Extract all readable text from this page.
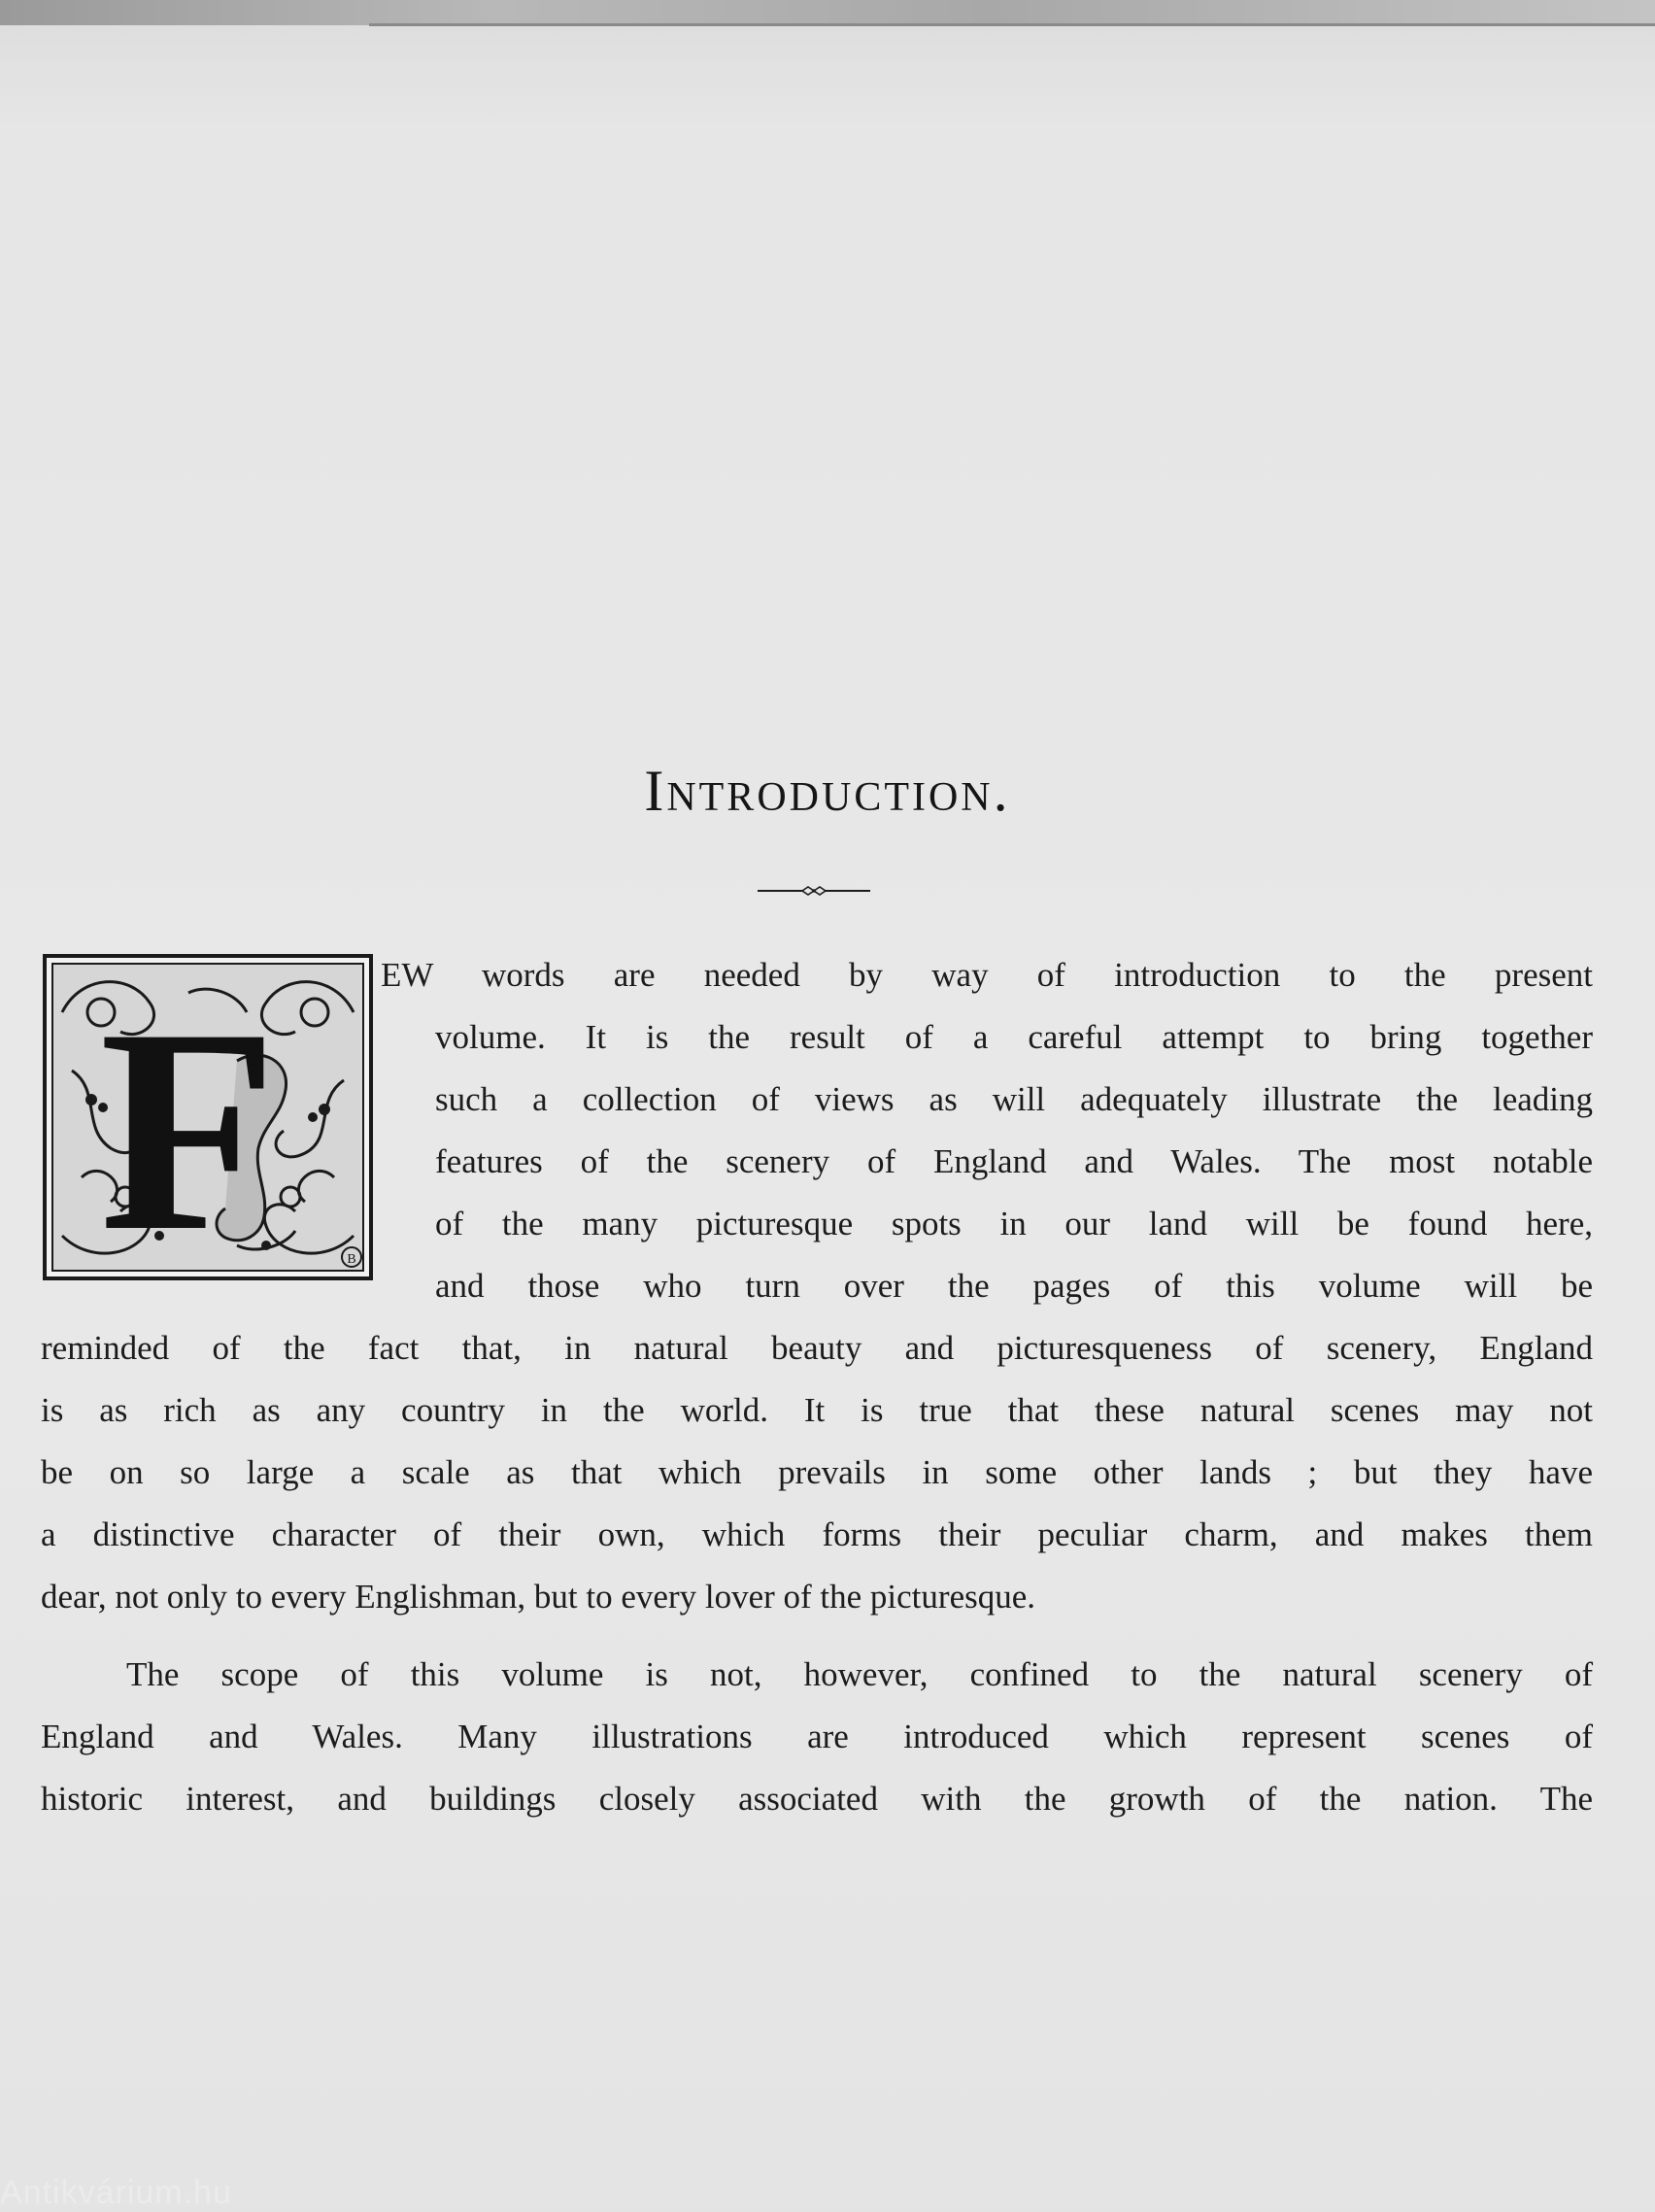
Introduction.
F	B
EW words are needed by way of introduction to the present
volume. It is the result of a careful attempt to bring together
such a collection of views as will adequately illustrate the leading
features of the scenery of England and Wales. The most notable
of the many picturesque spots in our land will be found here,
and those who turn over the pages of this volume will be
reminded of the fact that, in natural beauty and picturesqueness of scenery, England
is as rich as any country in the world. It is true that these natural scenes may not
be on so large a scale as that which prevails in some other lands ; but they have
a distinctive character of their own, which forms their peculiar charm, and makes them
dear, not only to every Englishman, but to every lover of the picturesque.
The scope of this volume is not, however, confined to the natural scenery of
England and Wales. Many illustrations are introduced which represent scenes of
historic interest, and buildings closely associated with the growth of the nation. The
Antikvárium.hu
